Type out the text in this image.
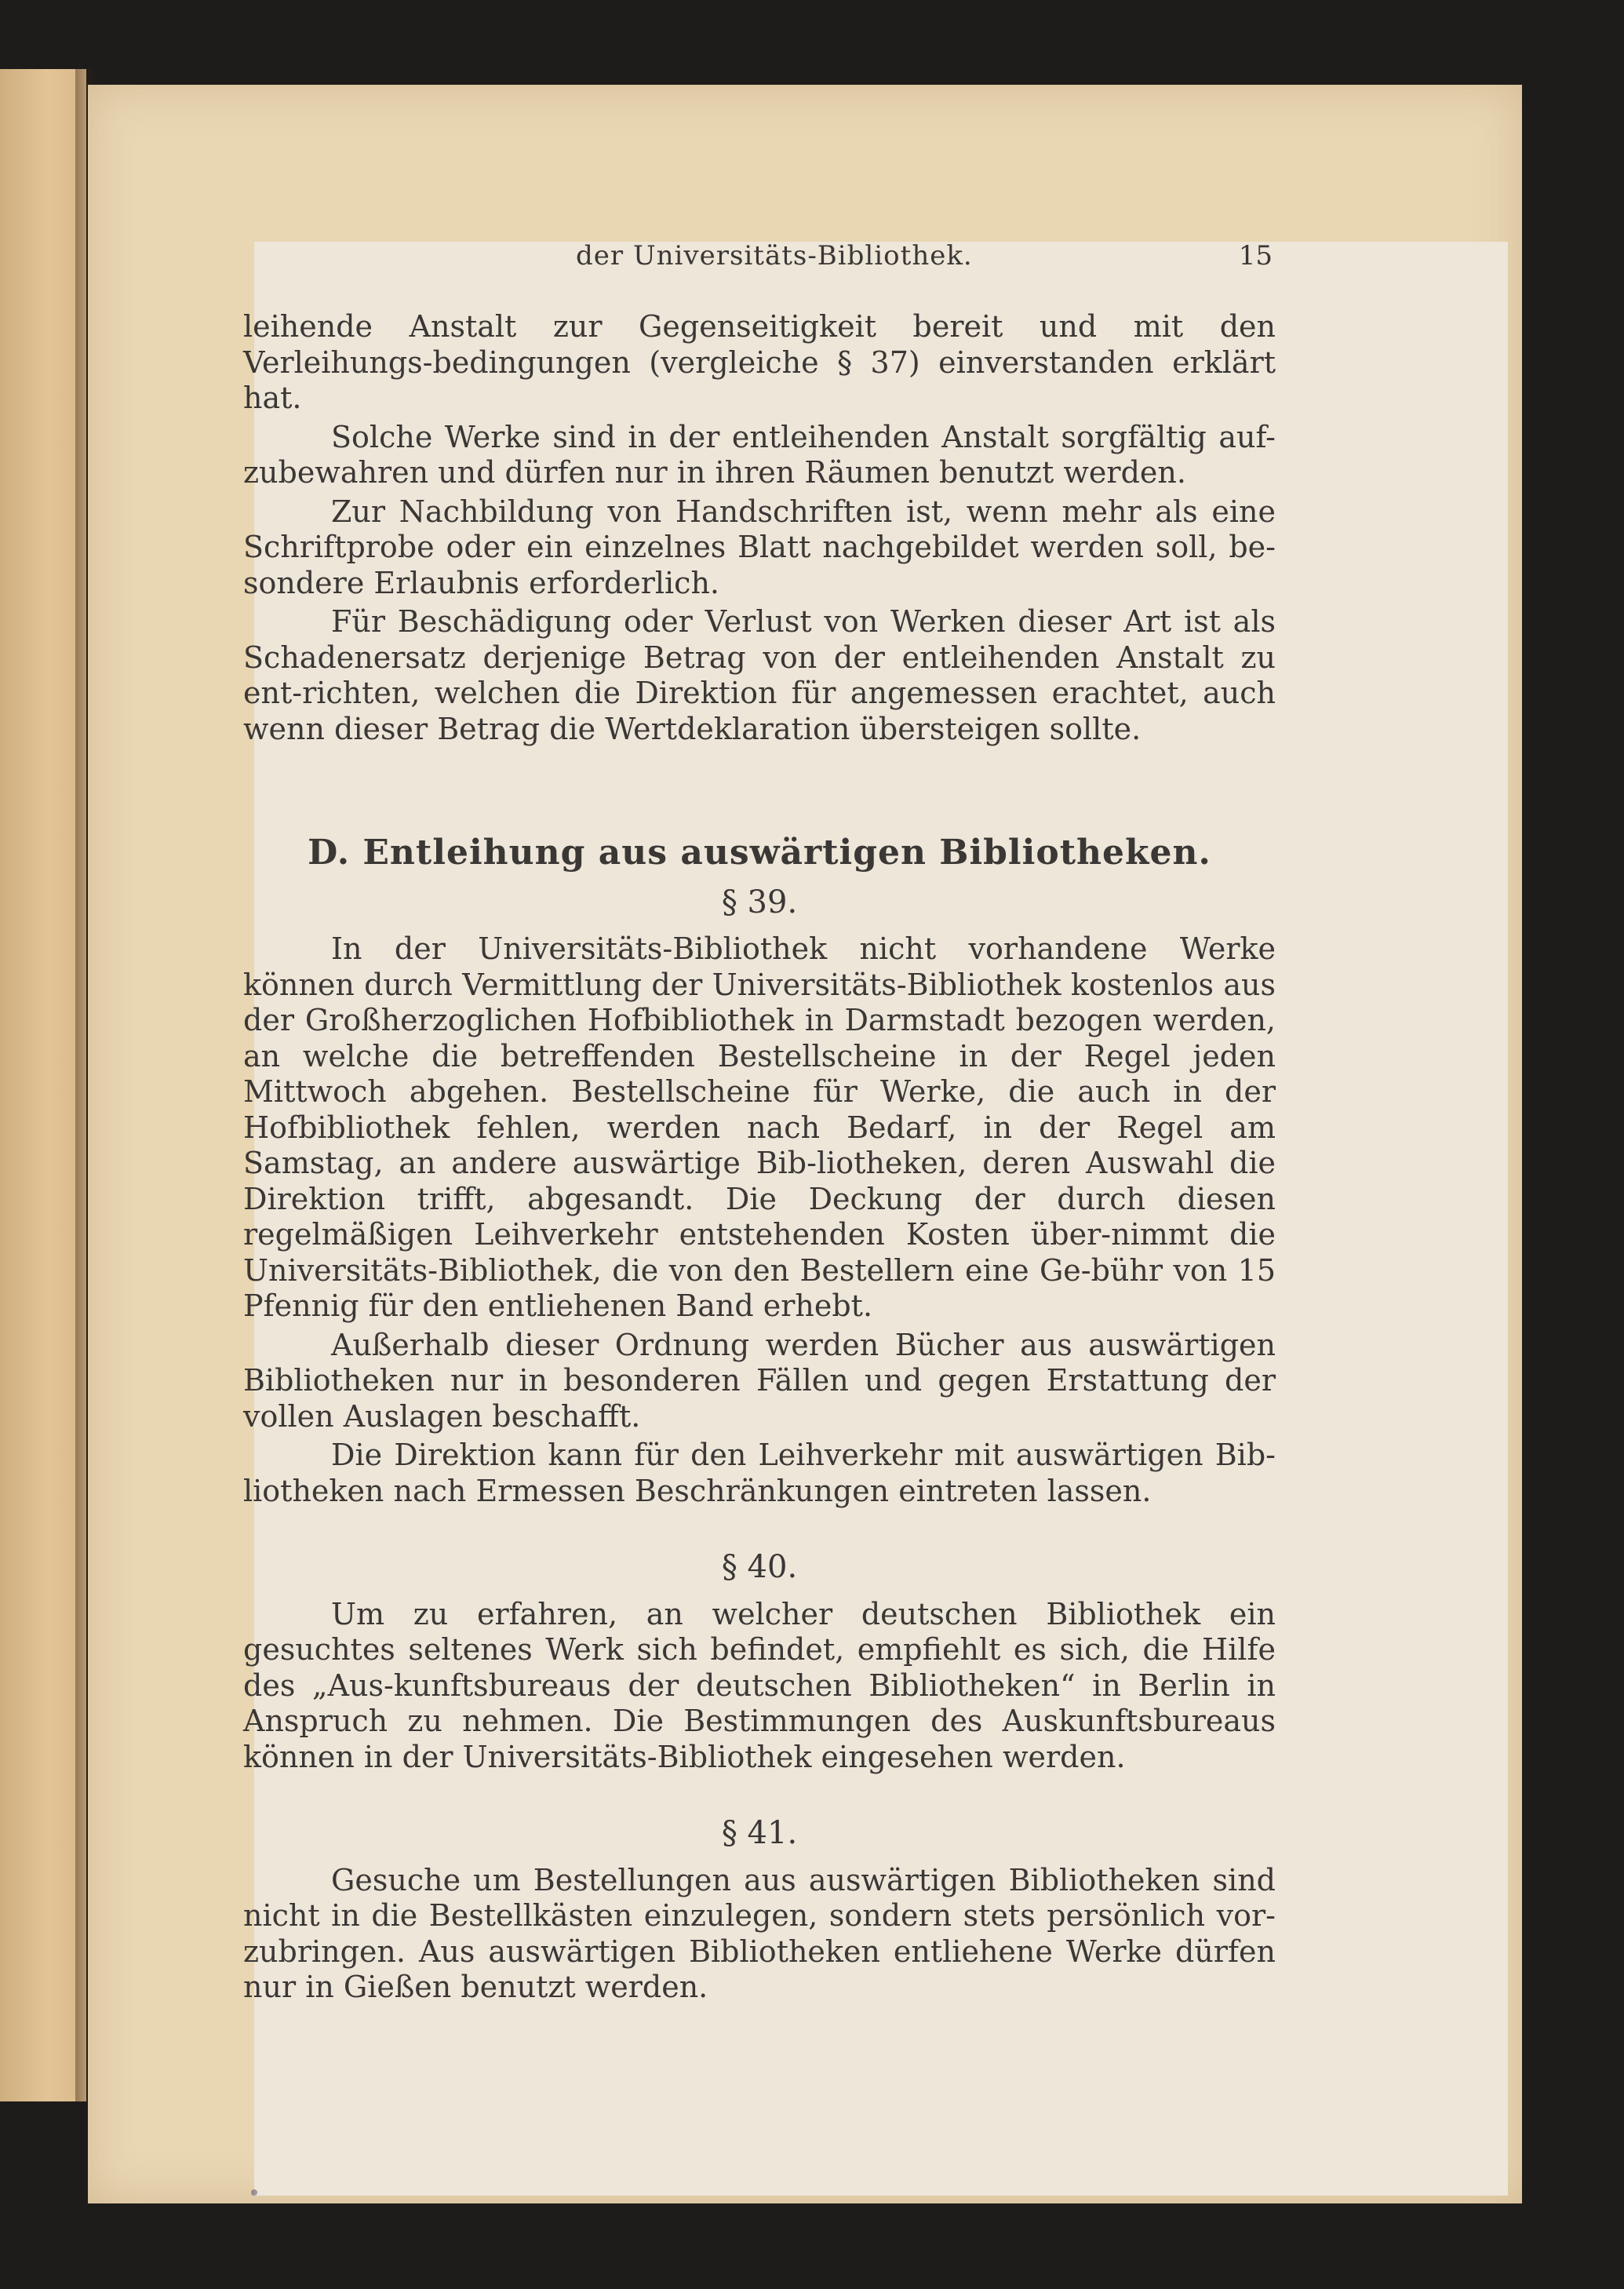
der Universitäts-Bibliothek.	15

leihende Anstalt zur Gegenseitigkeit bereit und mit den Verleihungs-bedingungen (vergleiche § 37) einverstanden erklärt hat.

Solche Werke sind in der entleihenden Anstalt sorgfältig auf-zubewahren und dürfen nur in ihren Räumen benutzt werden.

Zur Nachbildung von Handschriften ist, wenn mehr als eine Schriftprobe oder ein einzelnes Blatt nachgebildet werden soll, be-sondere Erlaubnis erforderlich.

Für Beschädigung oder Verlust von Werken dieser Art ist als Schadenersatz derjenige Betrag von der entleihenden Anstalt zu ent-richten, welchen die Direktion für angemessen erachtet, auch wenn dieser Betrag die Wertdeklaration übersteigen sollte.

D. Entleihung aus auswärtigen Bibliotheken.
§ 39.

In der Universitäts-Bibliothek nicht vorhandene Werke können durch Vermittlung der Universitäts-Bibliothek kostenlos aus der Großherzoglichen Hofbibliothek in Darmstadt bezogen werden, an welche die betreffenden Bestellscheine in der Regel jeden Mittwoch abgehen. Bestellscheine für Werke, die auch in der Hofbibliothek fehlen, werden nach Bedarf, in der Regel am Samstag, an andere auswärtige Bib-liotheken, deren Auswahl die Direktion trifft, abgesandt. Die Deckung der durch diesen regelmäßigen Leihverkehr entstehenden Kosten über-nimmt die Universitäts-Bibliothek, die von den Bestellern eine Ge-bühr von 15 Pfennig für den entliehenen Band erhebt.

Außerhalb dieser Ordnung werden Bücher aus auswärtigen Bibliotheken nur in besonderen Fällen und gegen Erstattung der vollen Auslagen beschafft.

Die Direktion kann für den Leihverkehr mit auswärtigen Bib-liotheken nach Ermessen Beschränkungen eintreten lassen.

§ 40.

Um zu erfahren, an welcher deutschen Bibliothek ein gesuchtes seltenes Werk sich befindet, empfiehlt es sich, die Hilfe des „Aus-kunftsbureaus der deutschen Bibliotheken“ in Berlin in Anspruch zu nehmen. Die Bestimmungen des Auskunftsbureaus können in der Universitäts-Bibliothek eingesehen werden.

§ 41.

Gesuche um Bestellungen aus auswärtigen Bibliotheken sind nicht in die Bestellkästen einzulegen, sondern stets persönlich vor-zubringen. Aus auswärtigen Bibliotheken entliehene Werke dürfen nur in Gießen benutzt werden.
